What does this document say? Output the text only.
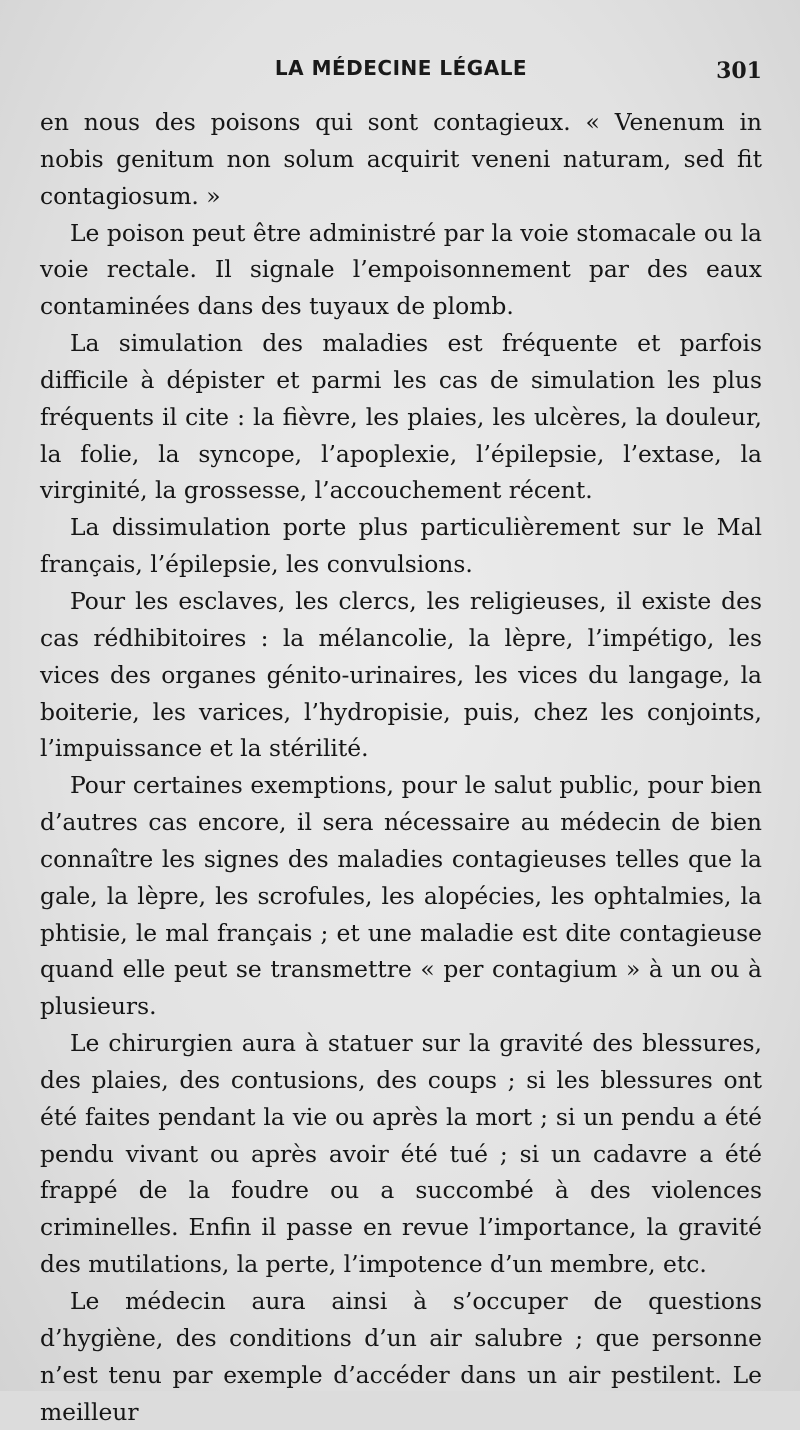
LA MÉDECINE LÉGALE	301

en nous des poisons qui sont contagieux. « Venenum in nobis genitum non solum acquirit veneni naturam, sed fit contagiosum. »

Le poison peut être administré par la voie stomacale ou la voie rectale. Il signale l’empoisonnement par des eaux contaminées dans des tuyaux de plomb.

La simulation des maladies est fréquente et parfois difficile à dépister et parmi les cas de simulation les plus fréquents il cite : la fièvre, les plaies, les ulcères, la douleur, la folie, la syncope, l’apoplexie, l’épilepsie, l’extase, la virginité, la grossesse, l’accouchement récent.

La dissimulation porte plus particulièrement sur le Mal français, l’épilepsie, les convulsions.

Pour les esclaves, les clercs, les religieuses, il existe des cas rédhibitoires : la mélancolie, la lèpre, l’impétigo, les vices des organes génito-urinaires, les vices du langage, la boiterie, les varices, l’hydropisie, puis, chez les conjoints, l’impuissance et la stérilité.

Pour certaines exemptions, pour le salut public, pour bien d’autres cas encore, il sera nécessaire au médecin de bien connaître les signes des maladies contagieuses telles que la gale, la lèpre, les scrofules, les alopécies, les ophtalmies, la phtisie, le mal français ; et une maladie est dite contagieuse quand elle peut se transmettre « per contagium » à un ou à plusieurs.

Le chirurgien aura à statuer sur la gravité des blessures, des plaies, des contusions, des coups ; si les blessures ont été faites pendant la vie ou après la mort ; si un pendu a été pendu vivant ou après avoir été tué ; si un cadavre a été frappé de la foudre ou a succombé à des violences criminelles. Enfin il passe en revue l’importance, la gravité des mutilations, la perte, l’impotence d’un membre, etc.

Le médecin aura ainsi à s’occuper de questions d’hygiène, des conditions d’un air salubre ; que personne n’est tenu par exemple d’accéder dans un air pestilent. Le meilleur
